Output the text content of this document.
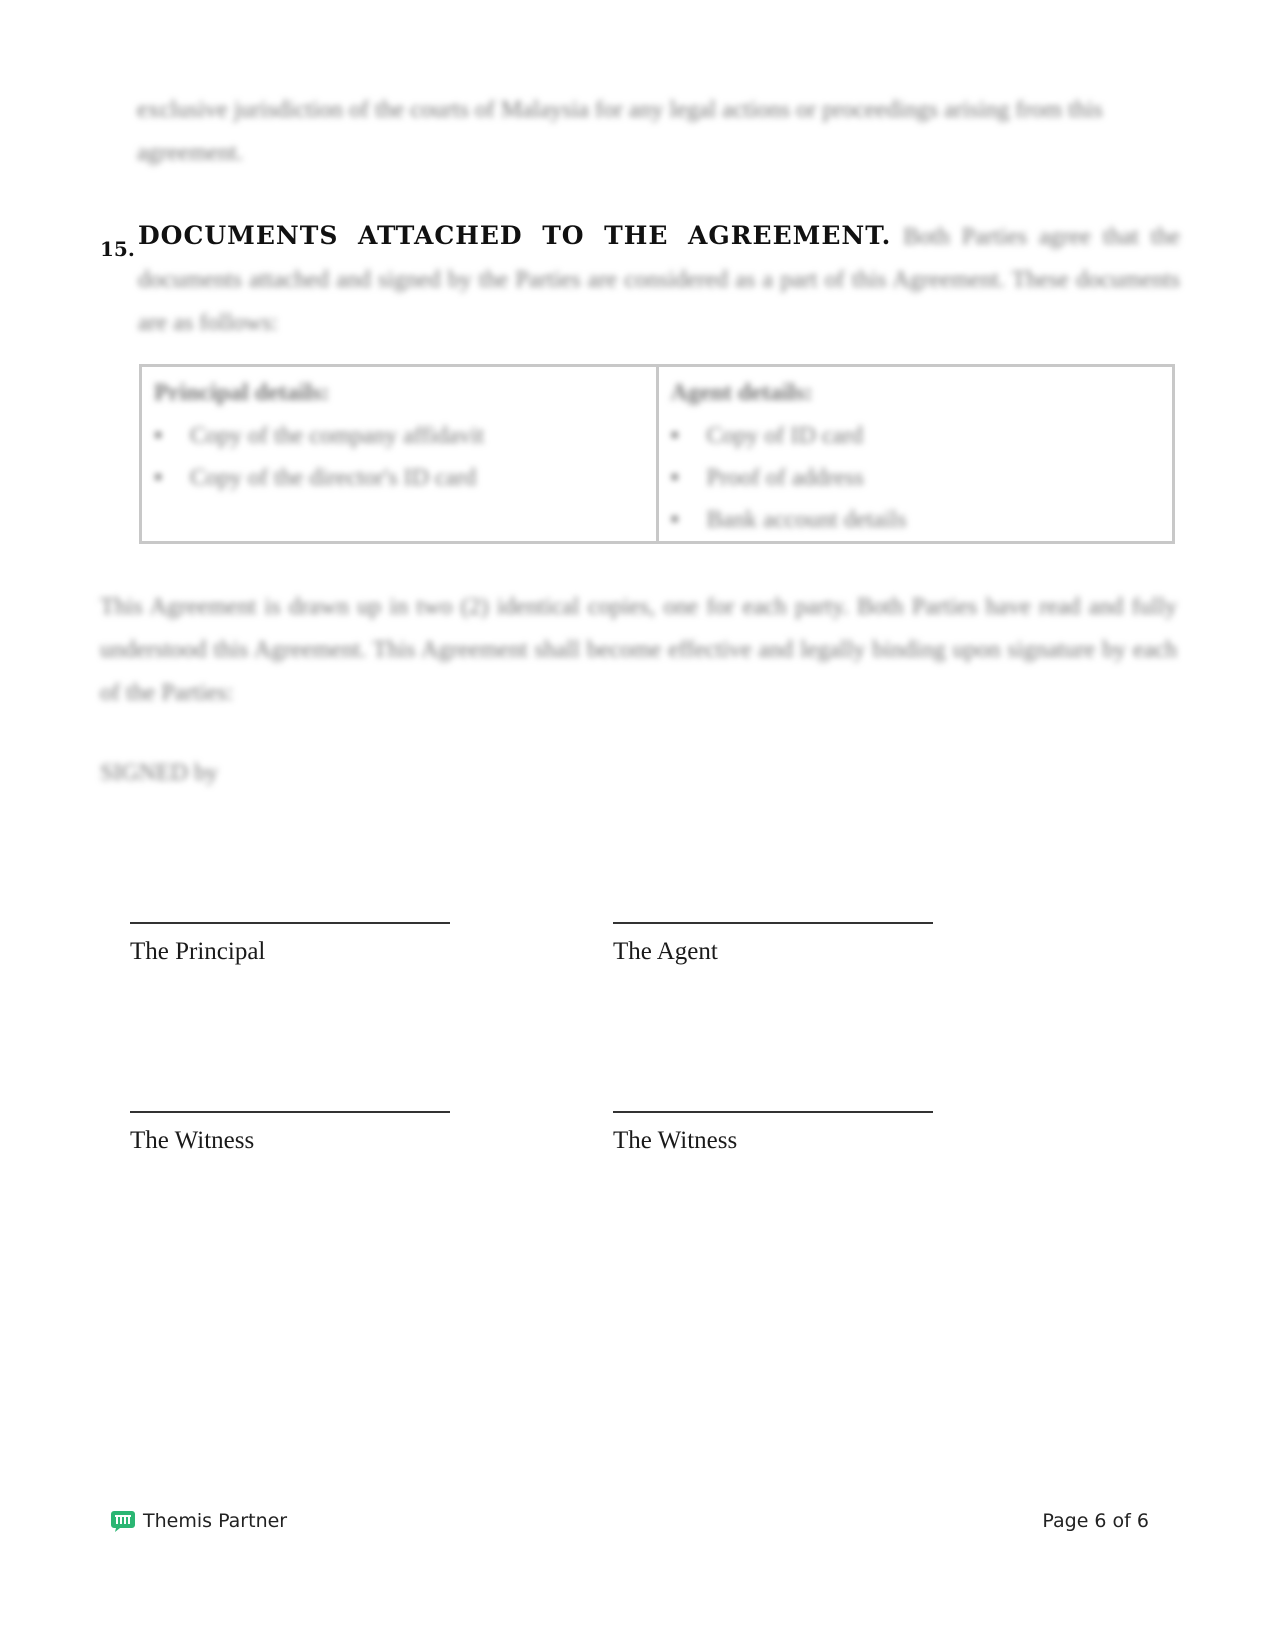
exclusive jurisdiction of the courts of Malaysia for any legal actions or proceedings arising from this agreement.
15. DOCUMENTS ATTACHED TO THE AGREEMENT. Both Parties agree that the documents attached and signed by the Parties are considered as a part of this Agreement. These documents are as follows:
Principal details:
• Copy of the company affidavit
• Copy of the director's ID card
Agent details:
• Copy of ID card
• Proof of address
• Bank account details
This Agreement is drawn up in two (2) identical copies, one for each party. Both Parties have read and fully understood this Agreement. This Agreement shall become effective and legally binding upon signature by each of the Parties:
SIGNED by
The Principal	The Agent
The Witness	The Witness
Themis Partner	Page 6 of 6
